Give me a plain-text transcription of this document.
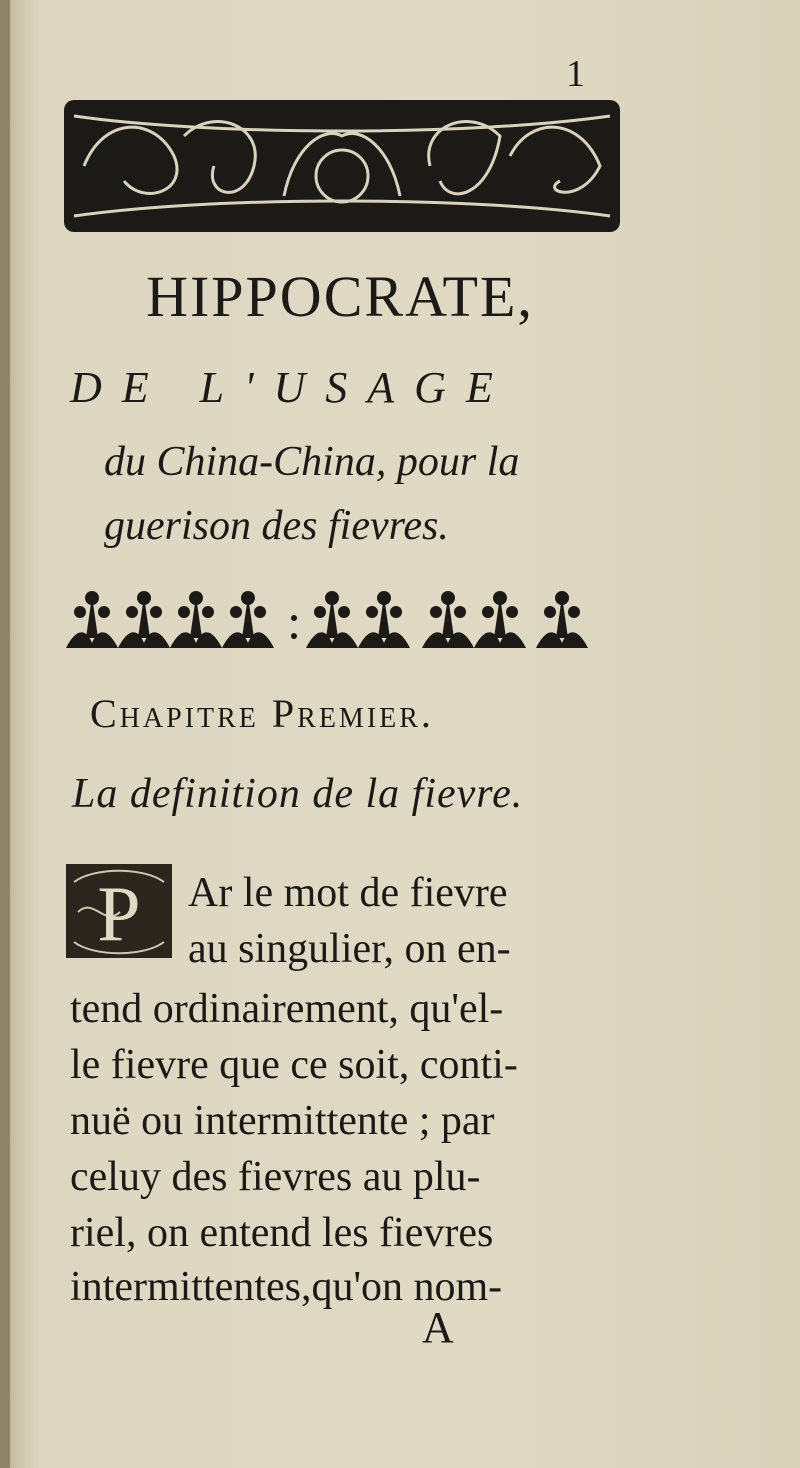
1
HIPPOCRATE,
DE L'USAGE
du China-China, pour la
guerison des fievres.
Chapitre Premier.
La definition de la fievre.
P Ar le mot de fievre
au singulier, on en-
tend ordinairement, qu'el-
le fievre que ce soit, conti-
nuë ou intermittente ; par
celuy des fievres au plu-
riel, on entend les fievres
intermittentes,qu'on nom-
A
